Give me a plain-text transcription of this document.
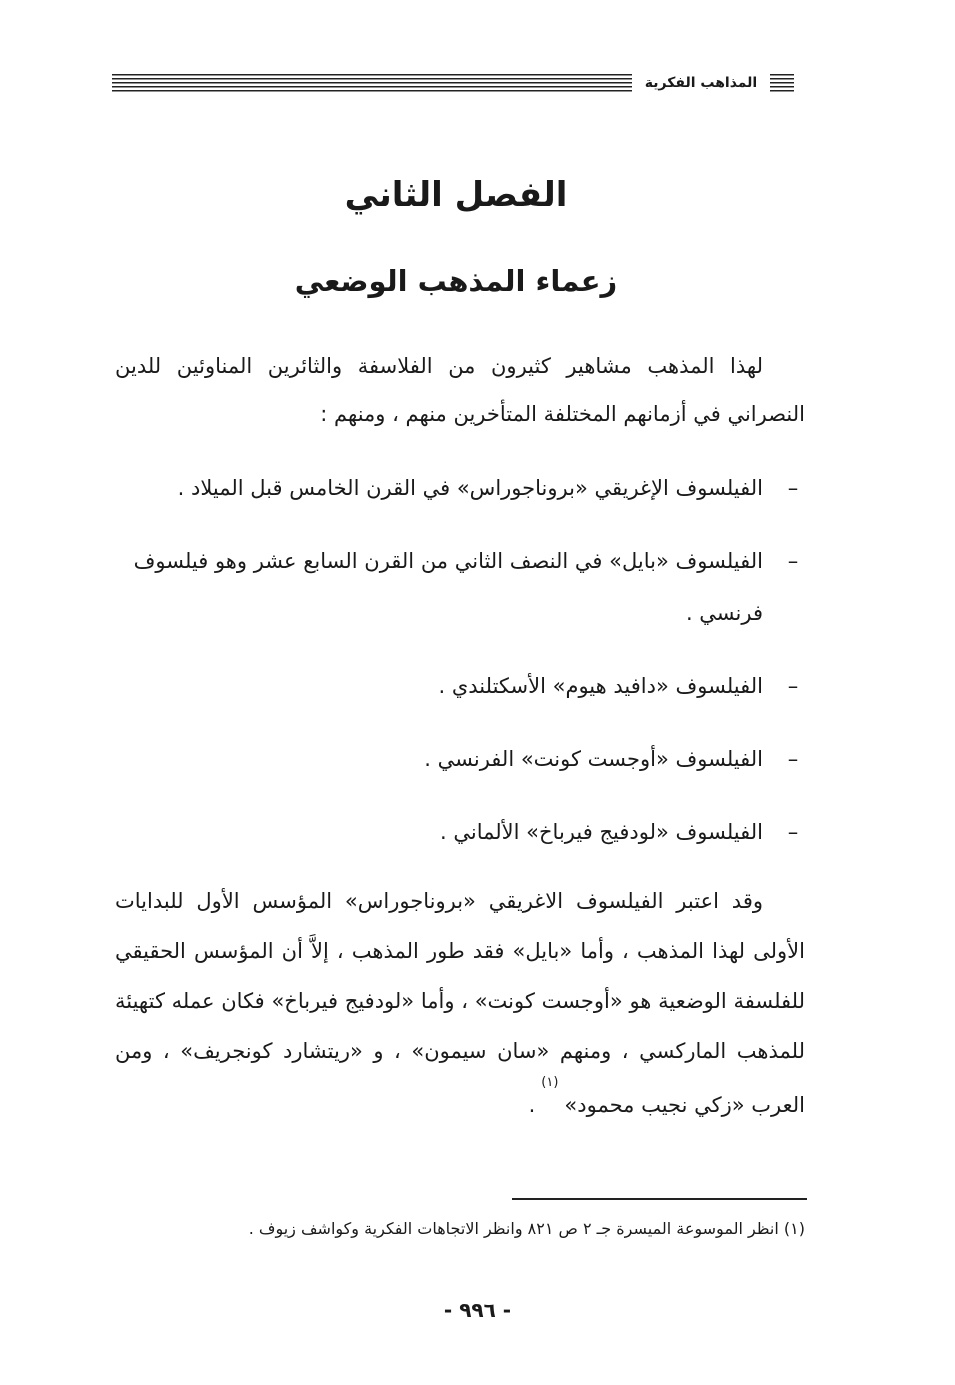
المذاهب الفكرية
الفصل الثاني
زعماء المذهب الوضعي

لهذا المذهب مشاهير كثيرون من الفلاسفة والثائرين المناوئين للدين النصراني في أزمانهم المختلفة المتأخرين منهم ، ومنهم :

–
الفيلسوف الإغريقي «بروناجوراس» في القرن الخامس قبل الميلاد .
–
الفيلسوف «بايل» في النصف الثاني من القرن السابع عشر وهو فيلسوف فرنسي .
–
الفيلسوف «دافيد هيوم» الأسكتلندي .
–
الفيلسوف «أوجست كونت» الفرنسي .
–
الفيلسوف «لودفيج فيرباخ» الألماني .

وقد اعتبر الفيلسوف الاغريقي «بروناجوراس» المؤسس الأول للبدايات الأولى لهذا المذهب ، وأما «بايل» فقد طور المذهب ، إلاَّ أن المؤسس الحقيقي للفلسفة الوضعية هو «أوجست كونت» ، وأما «لودفيج فيرباخ» فكان عمله كتهيئة للمذهب الماركسي ، ومنهم «سان سيمون» ، و «ريتشارد كونجريف» ، ومن العرب «زكي نجيب محمود»$^{(١)}$.

(١) انظر الموسوعة الميسرة جـ ٢ ص ٨٢١ وانظر الاتجاهات الفكرية وكواشف زيوف .

- ٩٩٦ -
